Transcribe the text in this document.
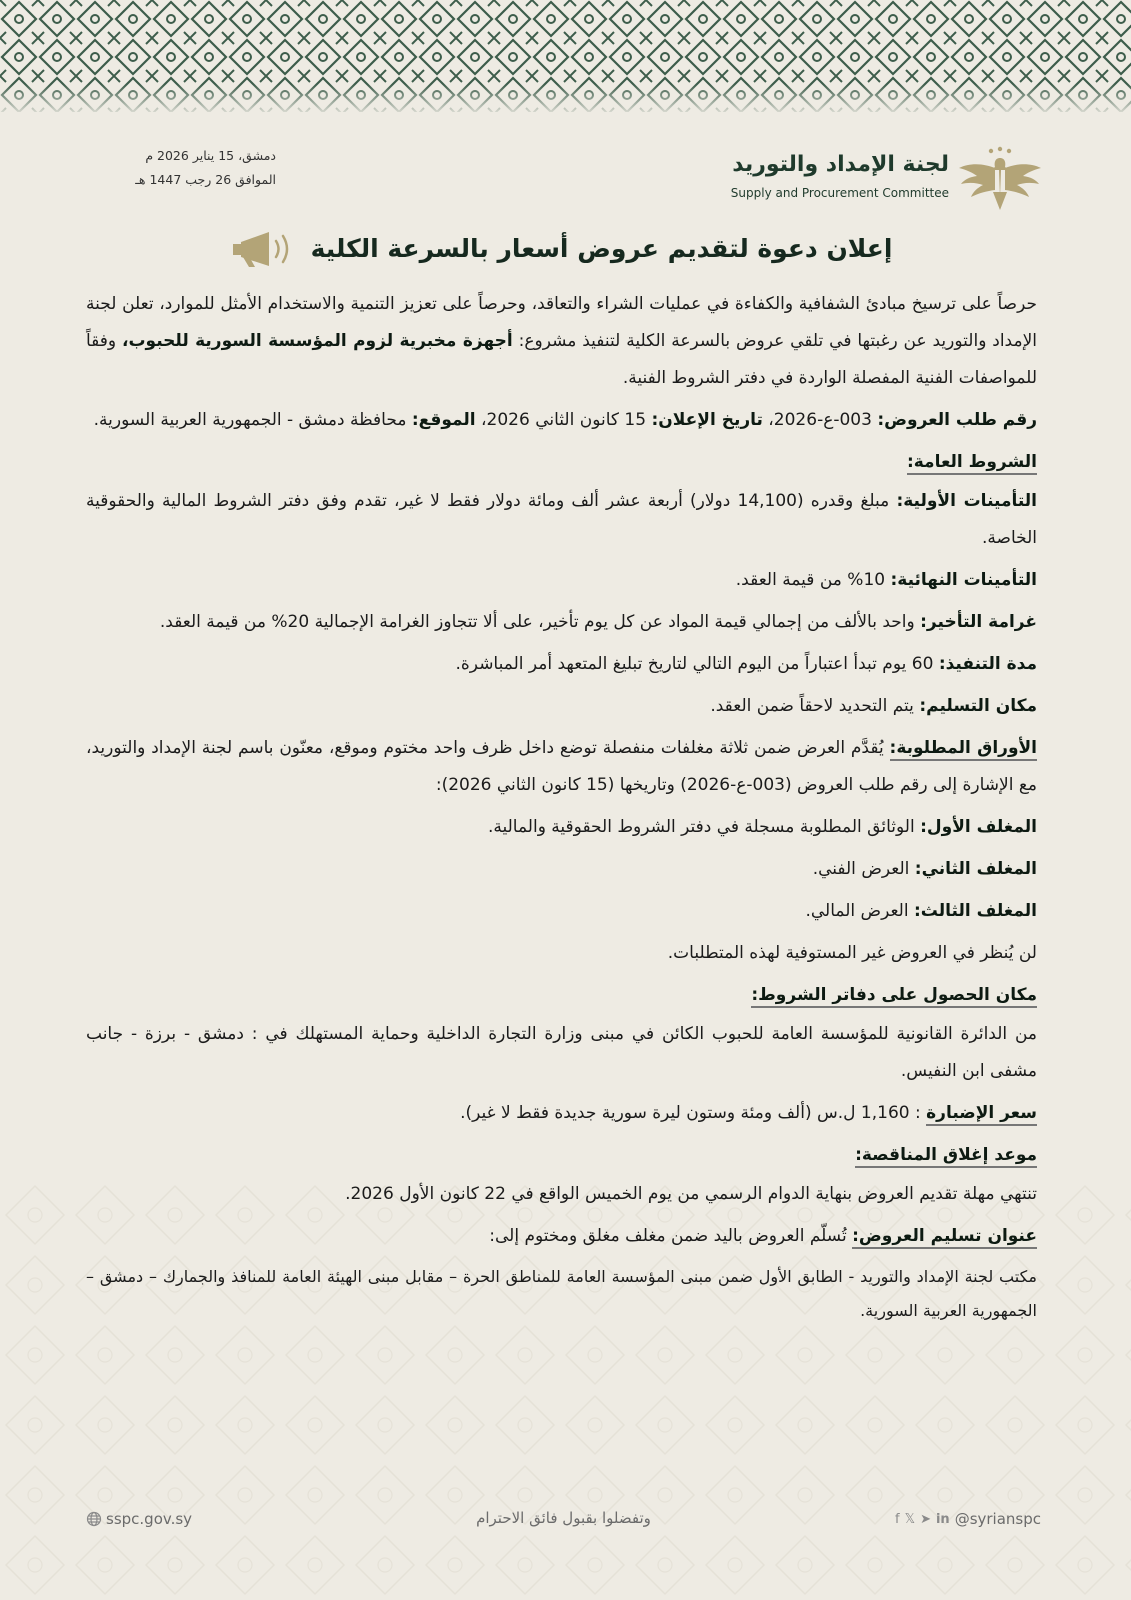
لجنة الإمداد والتوريد
Supply and Procurement Committee
دمشق، 15 يناير 2026 م
الموافق 26 رجب 1447 هـ
إعلان دعوة لتقديم عروض أسعار بالسرعة الكلية

حرصاً على ترسيخ مبادئ الشفافية والكفاءة في عمليات الشراء والتعاقد، وحرصاً على تعزيز التنمية والاستخدام الأمثل للموارد، تعلن لجنة الإمداد والتوريد عن رغبتها في تلقي عروض بالسرعة الكلية لتنفيذ مشروع: أجهزة مخبرية لزوم المؤسسة السورية للحبوب، وفقاً للمواصفات الفنية المفصلة الواردة في دفتر الشروط الفنية.

رقم طلب العروض: 003-ع-2026، تاريخ الإعلان: 15 كانون الثاني 2026، الموقع: محافظة دمشق - الجمهورية العربية السورية.

الشروط العامة:

التأمينات الأولية: مبلغ وقدره (14,100 دولار) أربعة عشر ألف ومائة دولار فقط لا غير، تقدم وفق دفتر الشروط المالية والحقوقية الخاصة.

التأمينات النهائية: 10% من قيمة العقد.

غرامة التأخير: واحد بالألف من إجمالي قيمة المواد عن كل يوم تأخير، على ألا تتجاوز الغرامة الإجمالية 20% من قيمة العقد.

مدة التنفيذ: 60 يوم تبدأ اعتباراً من اليوم التالي لتاريخ تبليغ المتعهد أمر المباشرة.

مكان التسليم: يتم التحديد لاحقاً ضمن العقد.

الأوراق المطلوبة: يُقدَّم العرض ضمن ثلاثة مغلفات منفصلة توضع داخل ظرف واحد مختوم وموقع، معنّون باسم لجنة الإمداد والتوريد، مع الإشارة إلى رقم طلب العروض (003-ع-2026) وتاريخها (15 كانون الثاني 2026):

المغلف الأول: الوثائق المطلوبة مسجلة في دفتر الشروط الحقوقية والمالية.

المغلف الثاني: العرض الفني.

المغلف الثالث: العرض المالي.

لن يُنظر في العروض غير المستوفية لهذه المتطلبات.

مكان الحصول على دفاتر الشروط:

من الدائرة القانونية للمؤسسة العامة للحبوب الكائن في مبنى وزارة التجارة الداخلية وحماية المستهلك في : دمشق - برزة - جانب مشفى ابن النفيس.

سعر الإضبارة : 1,160 ل.س (ألف ومئة وستون ليرة سورية جديدة فقط لا غير).

موعد إغلاق المناقصة:

تنتهي مهلة تقديم العروض بنهاية الدوام الرسمي من يوم الخميس الواقع في 22 كانون الأول 2026.

عنوان تسليم العروض: تُسلّم العروض باليد ضمن مغلف مغلق ومختوم إلى:

مكتب لجنة الإمداد والتوريد - الطابق الأول ضمن مبنى المؤسسة العامة للمناطق الحرة – مقابل مبنى الهيئة العامة للمنافذ والجمارك – دمشق – الجمهورية العربية السورية.

sspc.gov.sy	وتفضلوا بقبول فائق الاحترام	f 𝕏 ➤ in @syrianspc
